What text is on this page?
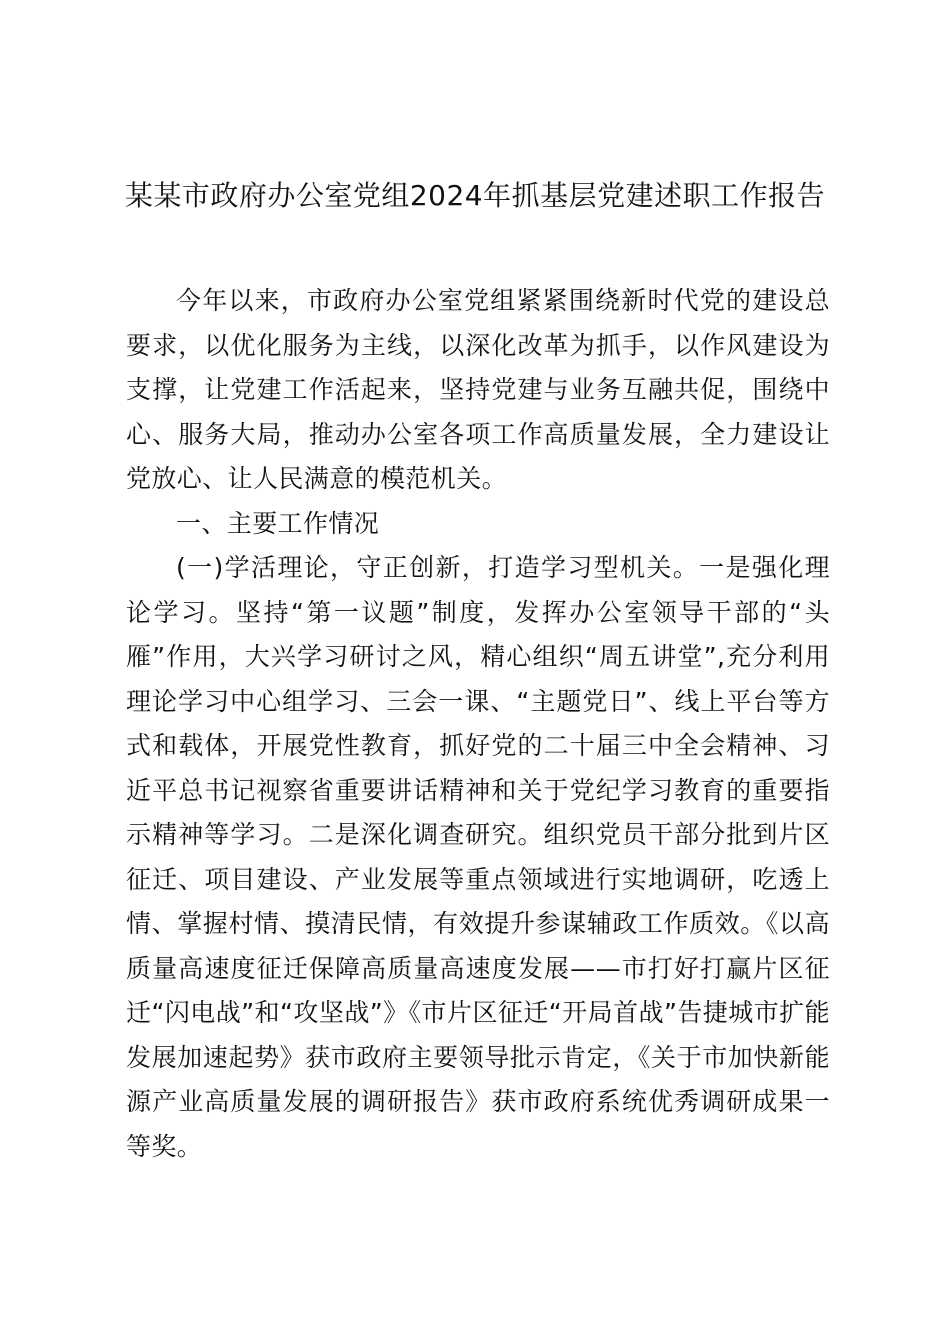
某某市政府办公室党组2024年抓基层党建述职工作报告

今年以来，市政府办公室党组紧紧围绕新时代党的建设总要求，以优化服务为主线，以深化改革为抓手，以作风建设为支撑，让党建工作活起来，坚持党建与业务互融共促，围绕中心、服务大局，推动办公室各项工作高质量发展，全力建设让党放心、让人民满意的模范机关。

一、主要工作情况

(一)学活理论，守正创新，打造学习型机关。一是强化理论学习。坚持“第一议题”制度，发挥办公室领导干部的“头雁”作用，大兴学习研讨之风，精心组织“周五讲堂”,充分利用理论学习中心组学习、三会一课、“主题党日”、线上平台等方式和载体，开展党性教育，抓好党的二十届三中全会精神、习近平总书记视察省重要讲话精神和关于党纪学习教育的重要指示精神等学习。二是深化调查研究。组织党员干部分批到片区征迁、项目建设、产业发展等重点领域进行实地调研，吃透上情、掌握村情、摸清民情，有效提升参谋辅政工作质效。《以高质量高速度征迁保障高质量高速度发展——市打好打赢片区征迁“闪电战”和“攻坚战”》《市片区征迁“开局首战”告捷城市扩能发展加速起势》获市政府主要领导批示肯定，《关于市加快新能源产业高质量发展的调研报告》获市政府系统优秀调研成果一等奖。
